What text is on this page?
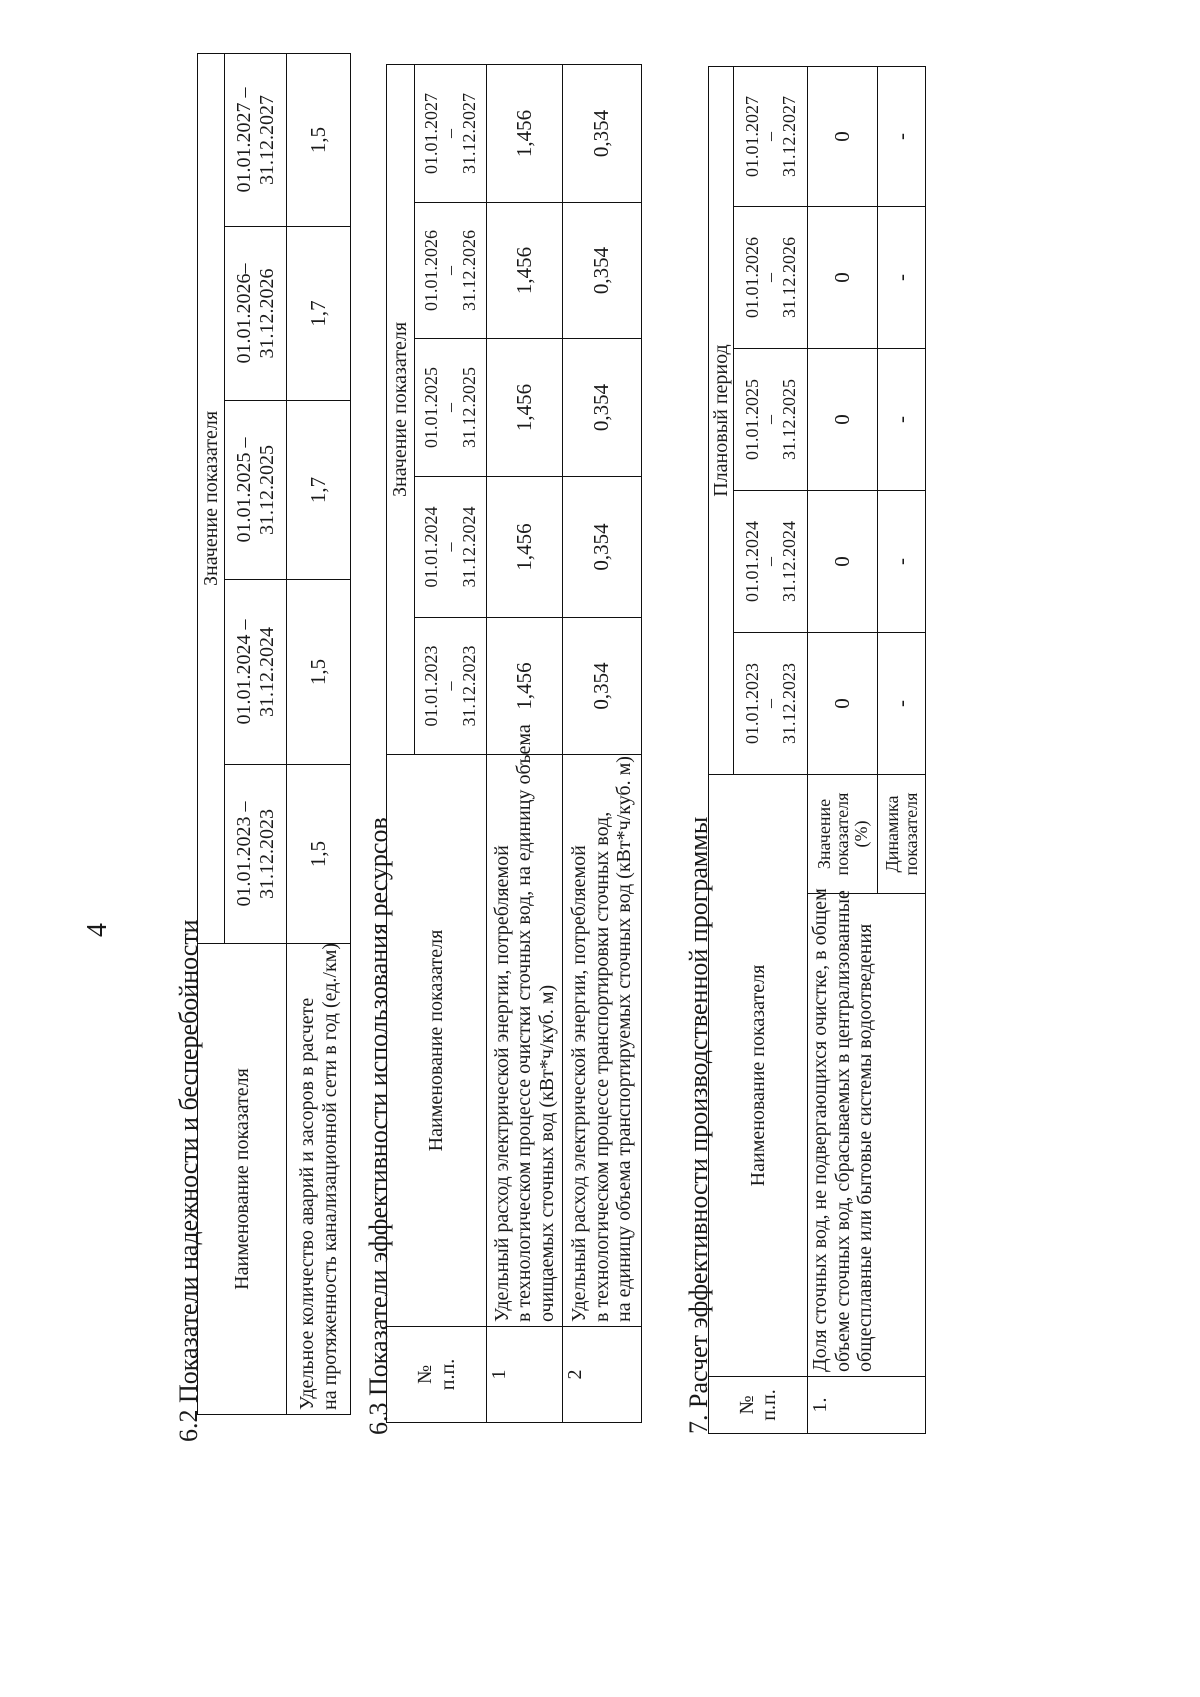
4 6.2 Показатели надежности и бесперебойности Наименование показателя	Значение показателя				
	01.01.2023 – 31.12.2023	01.01.2024 – 31.12.2024	01.01.2025 – 31.12.2025	01.01.2026– 31.12.2026	01.01.2027 – 31.12.2027

Удельное количество аварий и засоров в расчете на протяженность канализационной сети в год (ед./км)	1,5	1,5	1,7	1,7	1,5
6.3 Показатели эффективности использования ресурсов № п.п.	Наименование показателя	Значение показателя				

		01.01.2023
–
31.12.2023	01.01.2024
–
31.12.2024	01.01.2025
–
31.12.2025	01.01.2026
–
31.12.2026	01.01.2027
–
31.12.2027

1	Удельный расход электрической энергии, потребляемой в технологическом процессе очистки сточных вод, на единицу объема очищаемых сточных вод (кВт*ч/куб. м)	1,456	1,456	1,456	1,456	1,456
2	Удельный расход электрической энергии, потребляемой в технологическом процессе транспортировки сточных вод, на единицу объема транспортируемых сточных вод (кВт*ч/куб. м)	0,354	0,354	0,354	0,354	0,354
7. Расчет эффективности производственной программы № п.п.	Наименование показателя		Плановый период				

			01.01.2023
–
31.12.2023	01.01.2024
–
31.12.2024	01.01.2025
–
31.12.2025	01.01.2026
–
31.12.2026	01.01.2027
–
31.12.2027

1.	Доля сточных вод, не подвергающихся очистке, в общем объеме сточных вод, сбрасываемых в централизованные общесплавные или бытовые системы водоотведения	Значение
показателя
(%)	0	0	0	0	0

		Динамика
показателя	-	-	-	-	-
